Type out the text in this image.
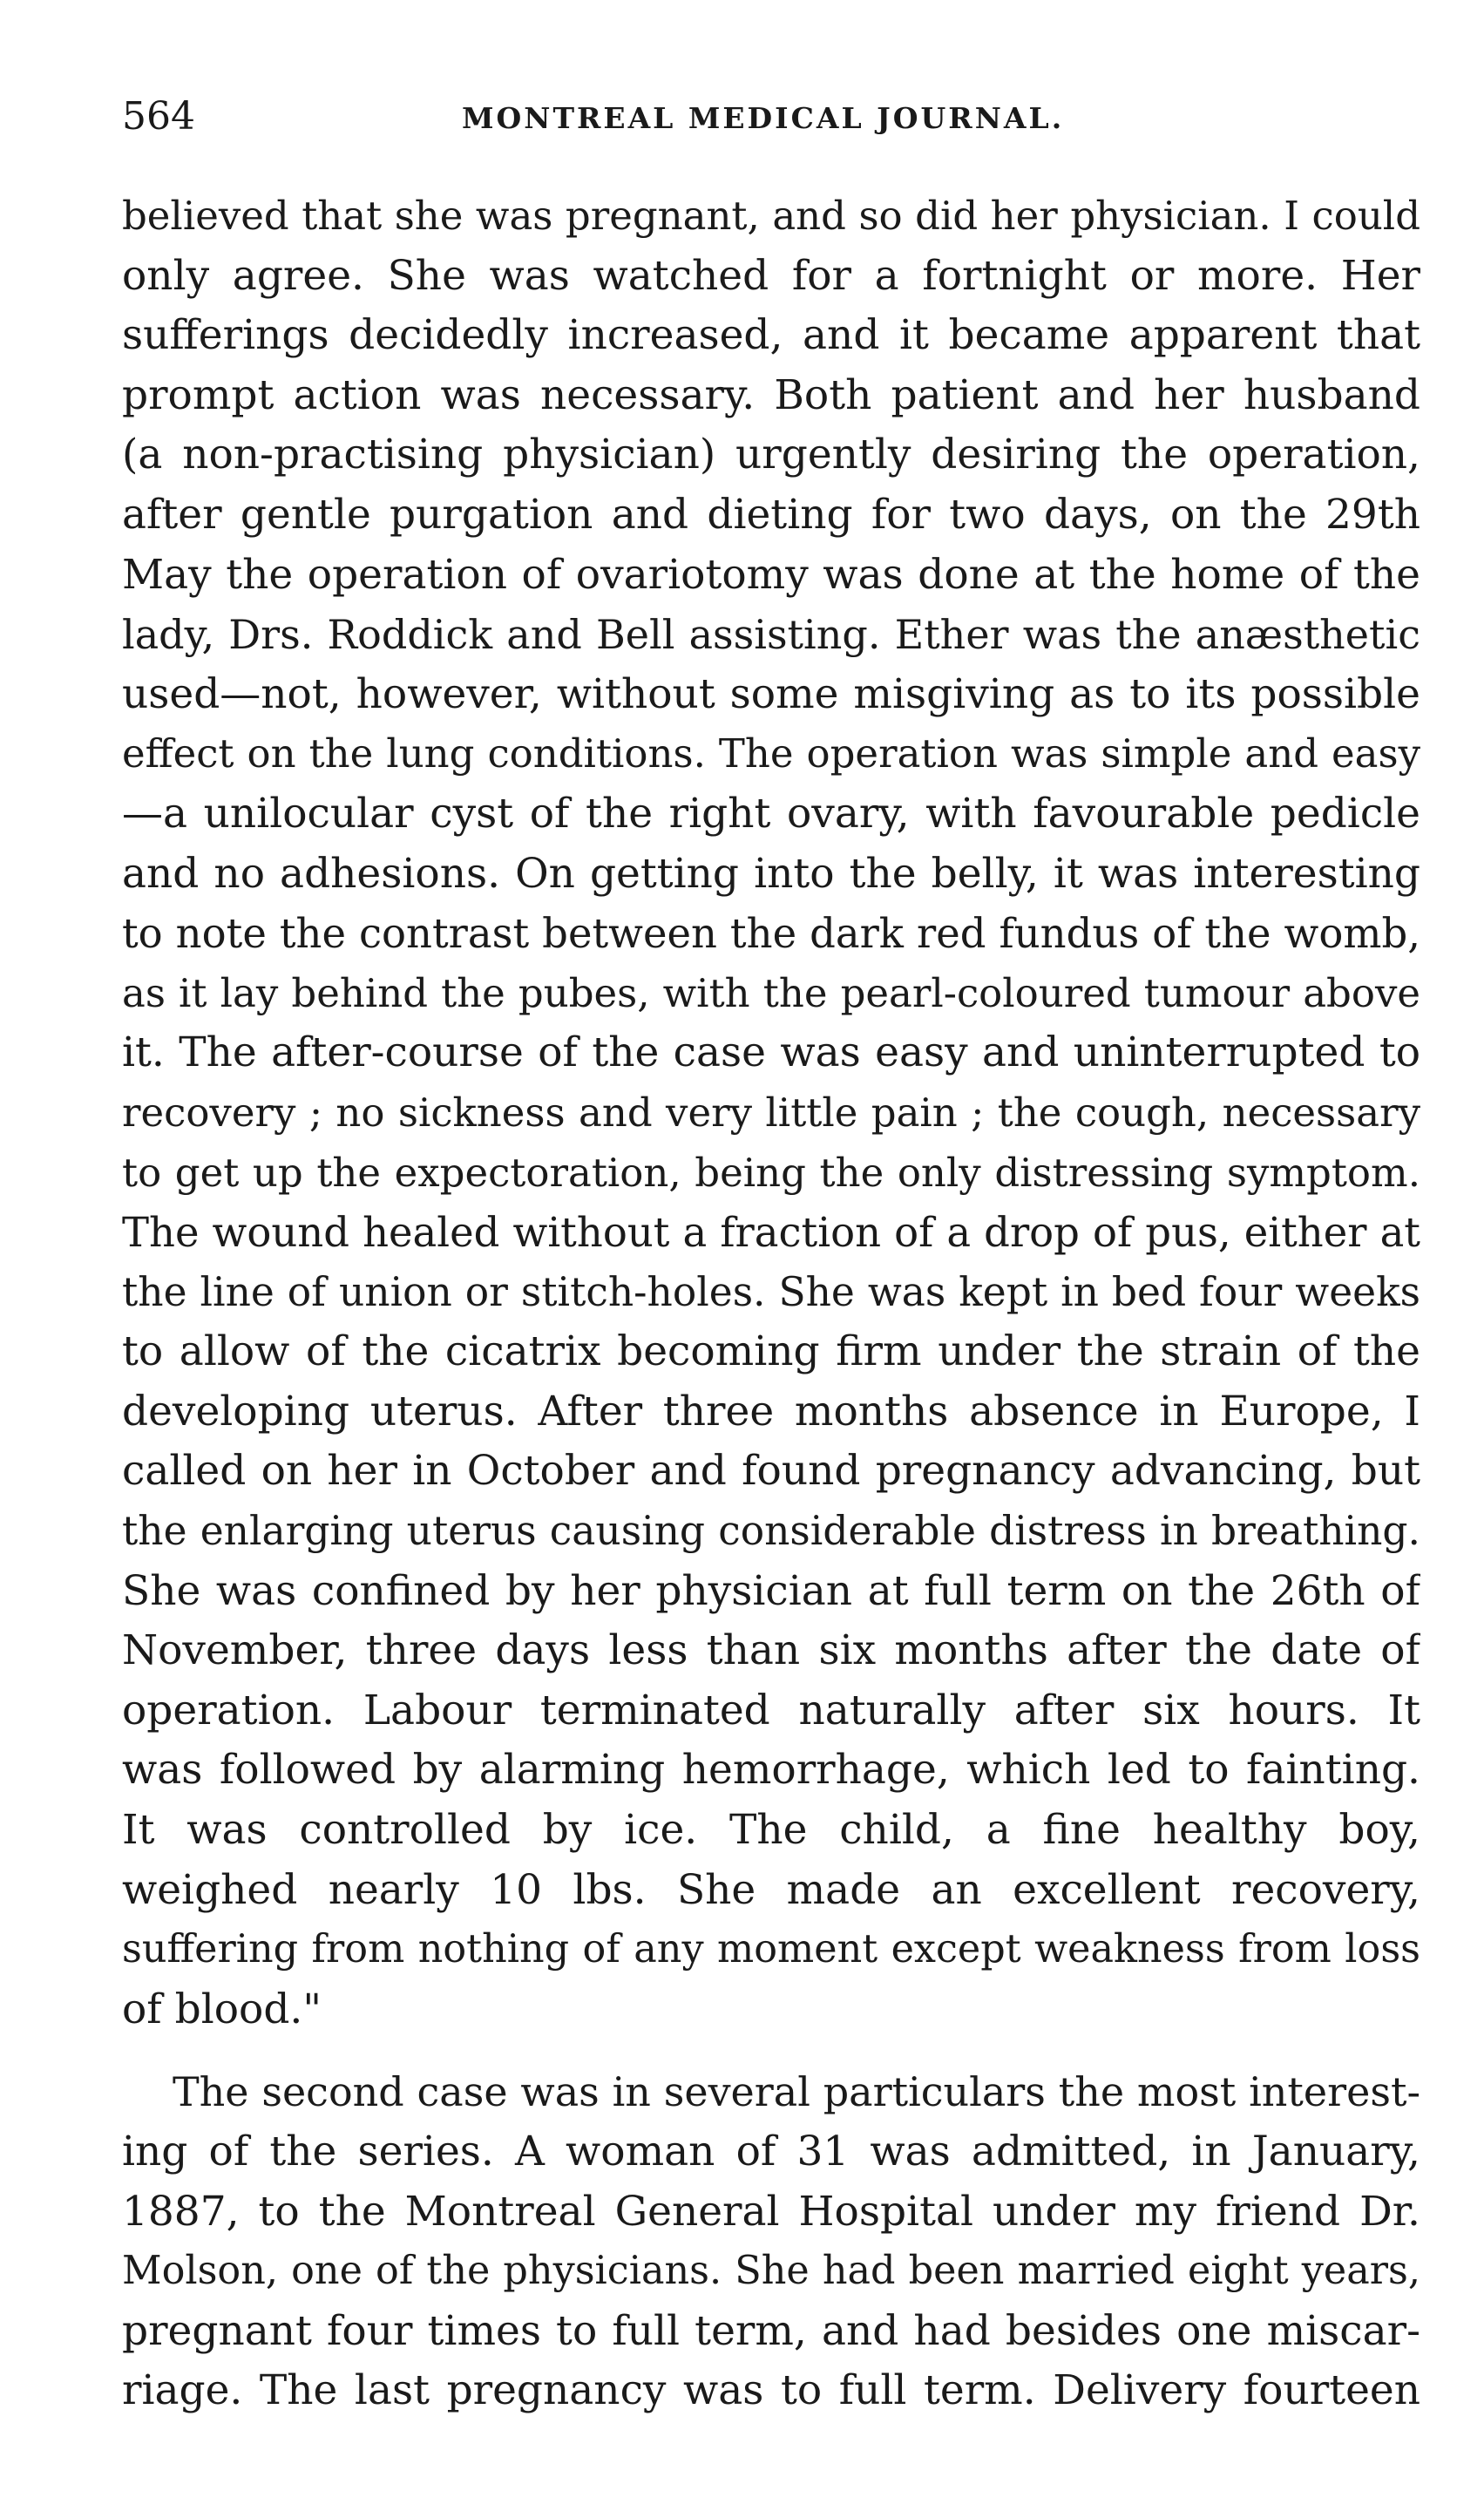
564	MONTREAL MEDICAL JOURNAL.
believed that she was pregnant, and so did her physician. I could
only agree. She was watched for a fortnight or more. Her
sufferings decidedly increased, and it became apparent that
prompt action was necessary. Both patient and her husband
(a non-practising physician) urgently desiring the operation,
after gentle purgation and dieting for two days, on the 29th
May the operation of ovariotomy was done at the home of the
lady, Drs. Roddick and Bell assisting. Ether was the anæsthetic
used—not, however, without some misgiving as to its possible
effect on the lung conditions. The operation was simple and easy
—a unilocular cyst of the right ovary, with favourable pedicle
and no adhesions. On getting into the belly, it was interesting
to note the contrast between the dark red fundus of the womb,
as it lay behind the pubes, with the pearl-coloured tumour above
it. The after-course of the case was easy and uninterrupted to
recovery ; no sickness and very little pain ; the cough, necessary
to get up the expectoration, being the only distressing symptom.
The wound healed without a fraction of a drop of pus, either at
the line of union or stitch-holes. She was kept in bed four weeks
to allow of the cicatrix becoming firm under the strain of the
developing uterus. After three months absence in Europe, I
called on her in October and found pregnancy advancing, but
the enlarging uterus causing considerable distress in breathing.
She was confined by her physician at full term on the 26th of
November, three days less than six months after the date of
operation. Labour terminated naturally after six hours. It
was followed by alarming hemorrhage, which led to fainting.
It was controlled by ice. The child, a fine healthy boy,
weighed nearly 10 lbs. She made an excellent recovery,
suffering from nothing of any moment except weakness from loss
of blood."
The second case was in several particulars the most interest-
ing of the series. A woman of 31 was admitted, in January,
1887, to the Montreal General Hospital under my friend Dr.
Molson, one of the physicians. She had been married eight years,
pregnant four times to full term, and had besides one miscar-
riage. The last pregnancy was to full term. Delivery fourteen
